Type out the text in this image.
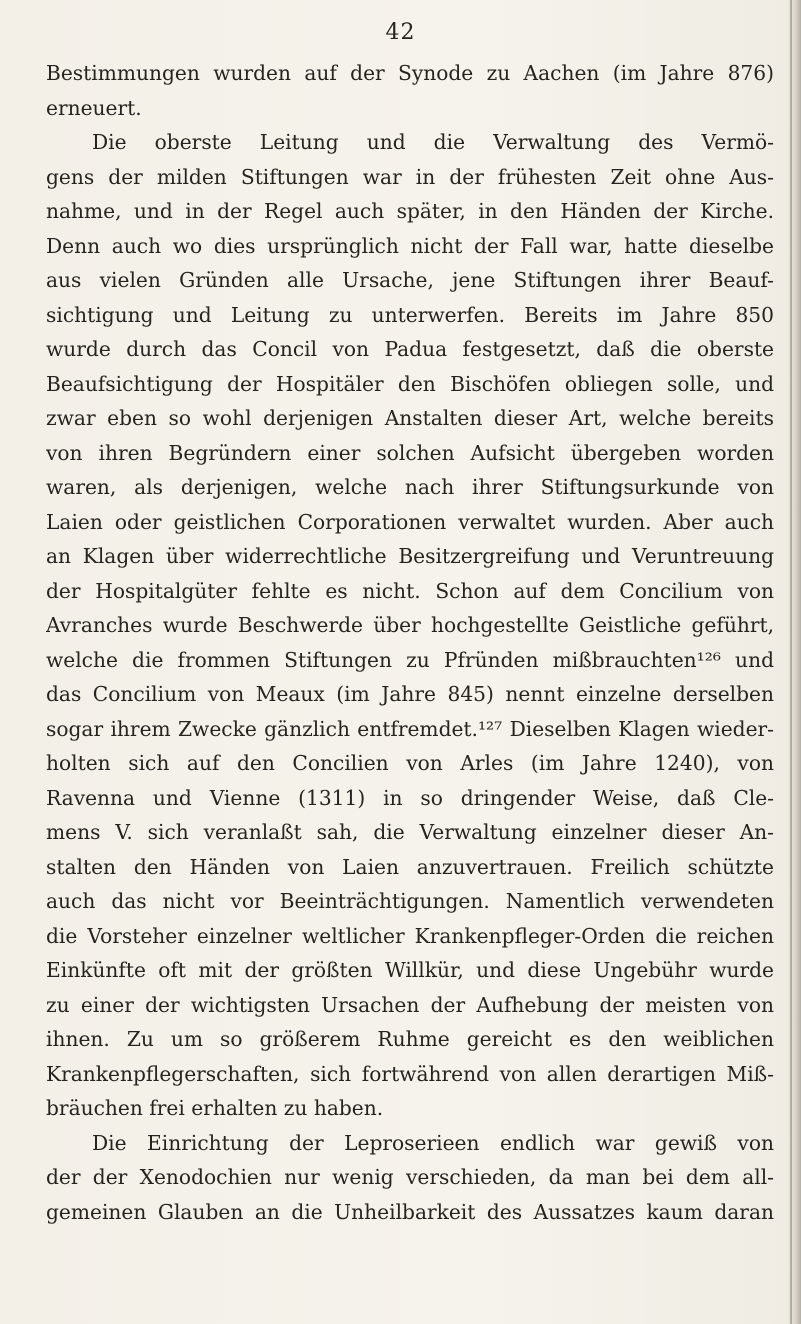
42
Bestimmungen wurden auf der Synode zu Aachen (im Jahre 876)
erneuert.
Die oberste Leitung und die Verwaltung des Vermö-
gens der milden Stiftungen war in der frühesten Zeit ohne Aus-
nahme, und in der Regel auch später, in den Händen der Kirche.
Denn auch wo dies ursprünglich nicht der Fall war, hatte dieselbe
aus vielen Gründen alle Ursache, jene Stiftungen ihrer Beauf-
sichtigung und Leitung zu unterwerfen. Bereits im Jahre 850
wurde durch das Concil von Padua festgesetzt, daß die oberste
Beaufsichtigung der Hospitäler den Bischöfen obliegen solle, und
zwar eben so wohl derjenigen Anstalten dieser Art, welche bereits
von ihren Begründern einer solchen Aufsicht übergeben worden
waren, als derjenigen, welche nach ihrer Stiftungsurkunde von
Laien oder geistlichen Corporationen verwaltet wurden. Aber auch
an Klagen über widerrechtliche Besitzergreifung und Veruntreuung
der Hospitalgüter fehlte es nicht. Schon auf dem Concilium von
Avranches wurde Beschwerde über hochgestellte Geistliche geführt,
welche die frommen Stiftungen zu Pfründen mißbrauchten¹²⁶ und
das Concilium von Meaux (im Jahre 845) nennt einzelne derselben
sogar ihrem Zwecke gänzlich entfremdet.¹²⁷ Dieselben Klagen wieder-
holten sich auf den Concilien von Arles (im Jahre 1240), von
Ravenna und Vienne (1311) in so dringender Weise, daß Cle-
mens V. sich veranlaßt sah, die Verwaltung einzelner dieser An-
stalten den Händen von Laien anzuvertrauen. Freilich schützte
auch das nicht vor Beeinträchtigungen. Namentlich verwendeten
die Vorsteher einzelner weltlicher Krankenpfleger-Orden die reichen
Einkünfte oft mit der größten Willkür, und diese Ungebühr wurde
zu einer der wichtigsten Ursachen der Aufhebung der meisten von
ihnen. Zu um so größerem Ruhme gereicht es den weiblichen
Krankenpflegerschaften, sich fortwährend von allen derartigen Miß-
bräuchen frei erhalten zu haben.
Die Einrichtung der Leproserieen endlich war gewiß von
der der Xenodochien nur wenig verschieden, da man bei dem all-
gemeinen Glauben an die Unheilbarkeit des Aussatzes kaum daran
